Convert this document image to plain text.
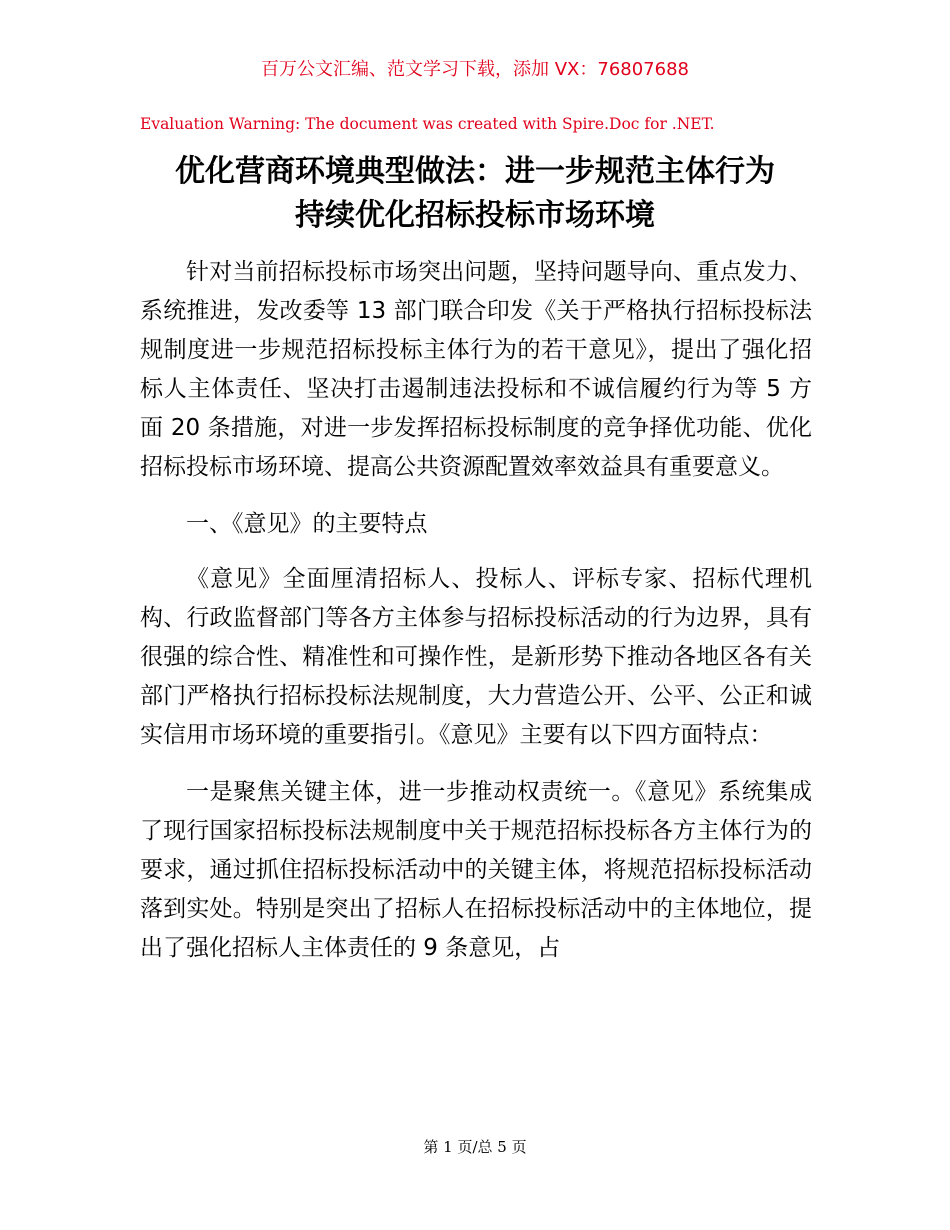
百万公文汇编、范文学习下载，添加 VX：76807688
Evaluation Warning: The document was created with Spire.Doc for .NET.
优化营商环境典型做法：进一步规范主体行为
持续优化招标投标市场环境

针对当前招标投标市场突出问题，坚持问题导向、重点发力、系统推进，发改委等 13 部门联合印发《关于严格执行招标投标法规制度进一步规范招标投标主体行为的若干意见》，提出了强化招标人主体责任、坚决打击遏制违法投标和不诚信履约行为等 5 方面 20 条措施，对进一步发挥招标投标制度的竞争择优功能、优化招标投标市场环境、提高公共资源配置效率效益具有重要意义。

一、《意见》的主要特点

《意见》全面厘清招标人、投标人、评标专家、招标代理机构、行政监督部门等各方主体参与招标投标活动的行为边界，具有很强的综合性、精准性和可操作性，是新形势下推动各地区各有关部门严格执行招标投标法规制度，大力营造公开、公平、公正和诚实信用市场环境的重要指引。《意见》主要有以下四方面特点：

一是聚焦关键主体，进一步推动权责统一。《意见》系统集成了现行国家招标投标法规制度中关于规范招标投标各方主体行为的要求，通过抓住招标投标活动中的关键主体，将规范招标投标活动落到实处。特别是突出了招标人在招标投标活动中的主体地位，提出了强化招标人主体责任的 9 条意见，占

第 1 页/总 5 页
